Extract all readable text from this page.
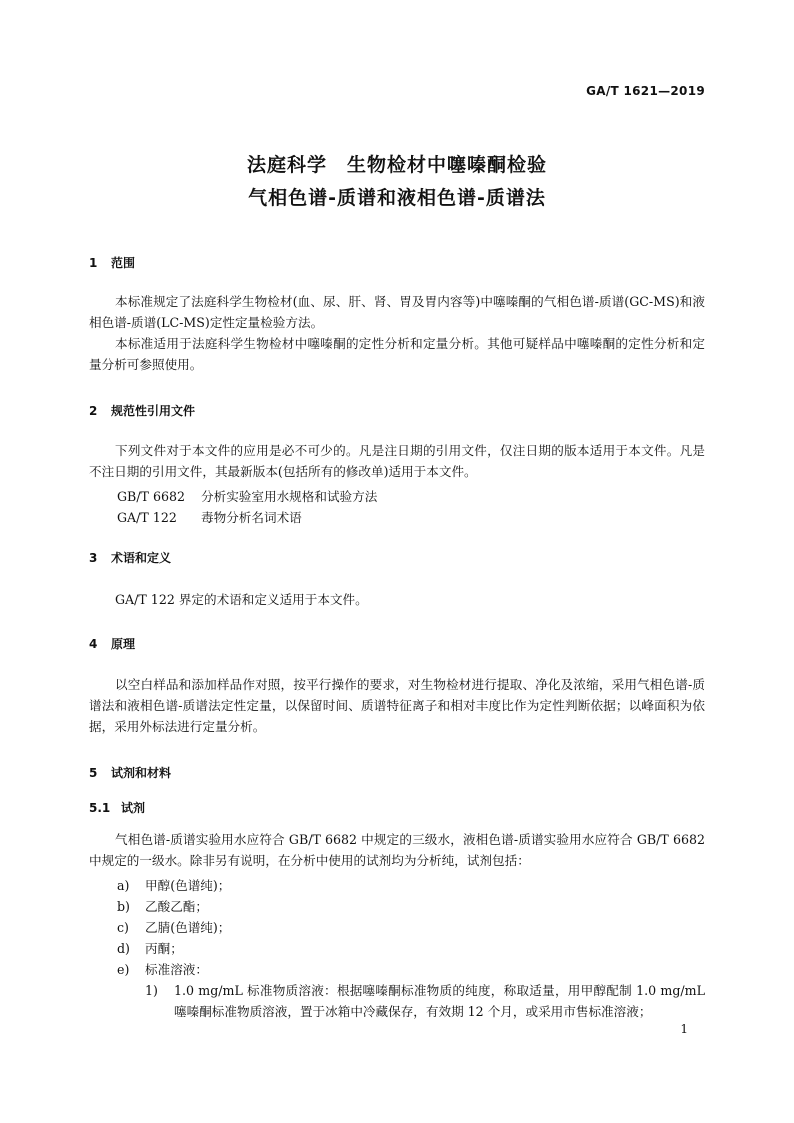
GA/T 1621—2019
法庭科学　生物检材中噻嗪酮检验
气相色谱-质谱和液相色谱-质谱法
1 范围
本标准规定了法庭科学生物检材(血、尿、肝、肾、胃及胃内容等)中噻嗪酮的气相色谱-质谱(GC-MS)和液相色谱-质谱(LC-MS)定性定量检验方法。
本标准适用于法庭科学生物检材中噻嗪酮的定性分析和定量分析。其他可疑样品中噻嗪酮的定性分析和定量分析可参照使用。
2 规范性引用文件
下列文件对于本文件的应用是必不可少的。凡是注日期的引用文件，仅注日期的版本适用于本文件。凡是不注日期的引用文件，其最新版本(包括所有的修改单)适用于本文件。
GB/T 6682 分析实验室用水规格和试验方法
GA/T 122 毒物分析名词术语
3 术语和定义
GA/T 122 界定的术语和定义适用于本文件。
4 原理
以空白样品和添加样品作对照，按平行操作的要求，对生物检材进行提取、净化及浓缩，采用气相色谱-质谱法和液相色谱-质谱法定性定量，以保留时间、质谱特征离子和相对丰度比作为定性判断依据；以峰面积为依据，采用外标法进行定量分析。
5 试剂和材料
5.1 试剂
气相色谱-质谱实验用水应符合 GB/T 6682 中规定的三级水，液相色谱-质谱实验用水应符合 GB/T 6682 中规定的一级水。除非另有说明，在分析中使用的试剂均为分析纯，试剂包括：
a) 甲醇(色谱纯)；
b) 乙酸乙酯；
c) 乙腈(色谱纯)；
d) 丙酮；
e) 标准溶液：
1) 1.0 mg/mL 标准物质溶液：根据噻嗪酮标准物质的纯度，称取适量，用甲醇配制 1.0 mg/mL 噻嗪酮标准物质溶液，置于冰箱中冷藏保存，有效期 12 个月，或采用市售标准溶液；
1
